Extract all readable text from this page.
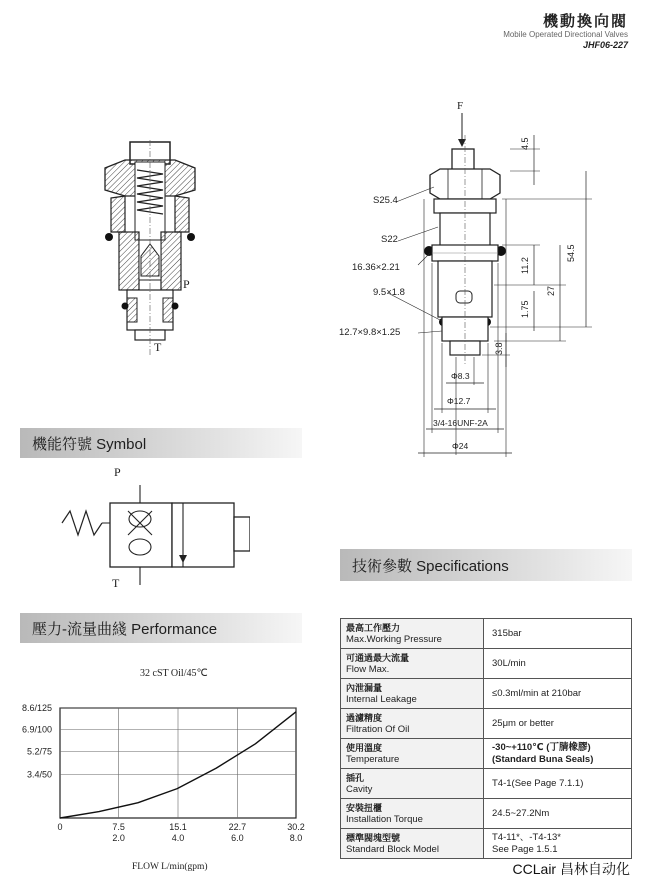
機動換向閥
Mobile Operated Directional Valves
JHF06-227
P
T
F
S25.4
S22
16.36×2.21
9.5×1.8
12.7×9.8×1.25
4.5
54.5
11.2
27
1.75
3.8
Φ8.3
Φ12.7
3/4-16UNF-2A
Φ24
機能符號 Symbol
P
T
技術參數 Specifications
最高工作壓力
Max.Working Pressure	315bar

可通過最大流量
Flow Max.	30L/min

內泄漏量
Internal Leakage	≤0.3ml/min at 210bar

過濾精度
Filtration Of Oil	25μm or better

使用溫度
Temperature	-30~+110℃ (丁腈橡膠)
(Standard Buna Seals)

插孔
Cavity	T4-1(See Page 7.1.1)

安裝扭櫃
Installation Torque	24.5~27.2Nm

標準閥塊型號
Standard Block Model	T4-11*、-T4-13*
See Page 1.5.1
壓力-流量曲綫 Performance
32 cST Oil/45℃
3.4/50
5.2/75
6.9/100
8.6/125
7.5
2.0
15.1
4.0
22.7
6.0
30.2
8.0
0
FLOW L/min(gpm)	CCLair 昌林自动化
